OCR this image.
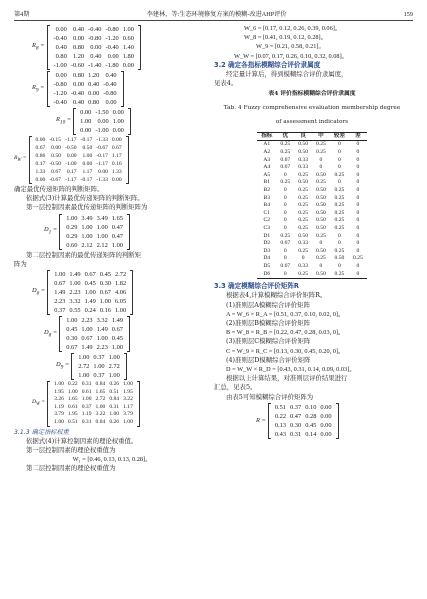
第4期	李建林，等:生态环境修复方案的模糊-改进AHP评价	159
$R_8$ =
0.00 0.40 -0.40 -0.80 1.00
-0.40 0.00 -0.80 -1.20 0.60
0.40 0.80 0.00 -0.40 1.40
0.80 1.20 0.40 0.00 1.80
-1.00 -0.60 -1.40 -1.80 0.00
$R_9$ =
0.00 0.80 1.20 0.40
-0.80 0.00 0.40 -0.40
-1.20 -0.40 0.00 -0.80
-0.40 0.40 0.80 0.00
$R_{10}$ =
0.00 -1.50 0.00
1.00 0.00 1.00
0.00 -1.00 0.00
$R_W$ =
0.00 -0.15 -1.17 -0.17 -1.33 0.00
0.67	0.00 -0.50	0.50 -0.67 0.67
0.86	0.50	0.00	1.00 -0.17 1.17
0.17 -0.50 -1.00	0.00 -1.17 0.16
1.33	0.67	0.17	1.17	0.00 1.33
0.00 -0.67 -1.17 -0.17 -1.33 0.00

确定最优传递矩阵的判断矩阵。

依据式(3)计算最优传递矩阵的判断矩阵。

第一层控制因素最优传递矩阵的判断矩阵为

$D_1$ =
1.00 3.49 3.49 1.65
0.29 1.00 1.00 0.47
0.29 1.00 1.00 0.47
0.60 2.12 2.12 1.00

第二层控制因素的最优传递矩阵的判断矩

阵为

$D_6$ =
1.00 1.49 0.67 0.45 2.72
0.67 1.00 0.45 0.30 1.82
1.49 2.23 1.00 0.67 4.06
2.23 3.32 1.49 1.00 6.05
0.37 0.55 0.24 0.16 1.00
$D_8$ =
1.00 2.23 3.32 1.49
0.45 1.00 1.49 0.67
0.30 0.67 1.00 0.45
0.67 1.49 2.23 1.00
$D_9$ =
1.00 0.37 1.00
2.72 1.00 2.72
1.00 0.37 1.00
$D_W$ =
1.00 0.22 0.31 0.84 0.26 1.00
1.95 1.00 0.61 1.65 0.51 1.95
3.26 1.65 1.00 2.72 0.84 3.22
1.19 0.61 0.37 1.00 0.31 1.17
3.79 1.95 1.19 3.22 1.00 3.79
1.00 0.51 0.31 0.84 0.26 1.00

3.1.3 确定指标权重

依据式(4)计算控制因素的理论权重值。

第一层控制因素的理论权重值为

W₁ = [0.46, 0.13, 0.13, 0.28]。

第二层控制因素的理论权重值为

W_6 = [0.17, 0.12, 0.26, 0.39, 0.06]。

W_8 = [0.41, 0.19, 0.12, 0.28]。

W_9 = [0.21, 0.58, 0.21]。

W_W = [0.07, 0.17, 0.26, 0.10, 0.32, 0.08]。

3.2 确定各指标模糊综合评价隶属度

经定量计算后，得到模糊综合评价隶属度，

见表4。

表4 评价指标模糊综合评价隶属度

Tab. 4 Fuzzy comprehensive evaluation membership degree

of assessment indicators

指标	优	良	中	较差	差
A1	0.25	0.50	0.25	0	0
A2	0.25	0.50	0.25	0	0
A3	0.67	0.33	0	0	0
A4	0.67	0.33	0	0	0
A5	0	0.25	0.50	0.25	0
B1	0.25	0.50	0.25	0	0
B2	0	0.25	0.50	0.25	0
B3	0	0.25	0.50	0.25	0
B4	0	0.25	0.50	0.25	0
C1	0	0.25	0.50	0.25	0
C2	0	0.25	0.50	0.25	0
C3	0	0.25	0.50	0.25	0
D1	0.25	0.50	0.25	0	0
D2	0.67	0.33	0	0	0
D3	0	0.25	0.50	0.25	0
D4	0	0	0.25	0.50	0.25
D5	0.67	0.33	0	0	0
D6	0	0.25	0.50	0.25	0

3.3 确定模糊综合评价矩阵R

根据表4,计算模糊综合评价矩阵R。

(1)准则层A模糊综合评价矩阵

A = W_6 × R_A = [0.51, 0.37, 0.10, 0.02, 0]。

(2)准则层B模糊综合评价矩阵

B = W_8 × R_B = [0.22, 0.47, 0.28, 0.03, 0]。

(3)准则层C模糊综合评价矩阵

C = W_9 × R_C = [0.13, 0.30, 0.45, 0.20, 0]。

(4)准则层D模糊综合评价矩阵

D = W_W × R_D = [0.43, 0.31, 0.14, 0.09, 0.03]。

根据以上计算结果，对准则层评价结果进行

汇总，见表5。

由表5可知模糊综合评价矩阵为

R =
0.51 0.37 0.10 0.00
0.22 0.47 0.28 0.00
0.13 0.30 0.45 0.00
0.43 0.31 0.14 0.00
